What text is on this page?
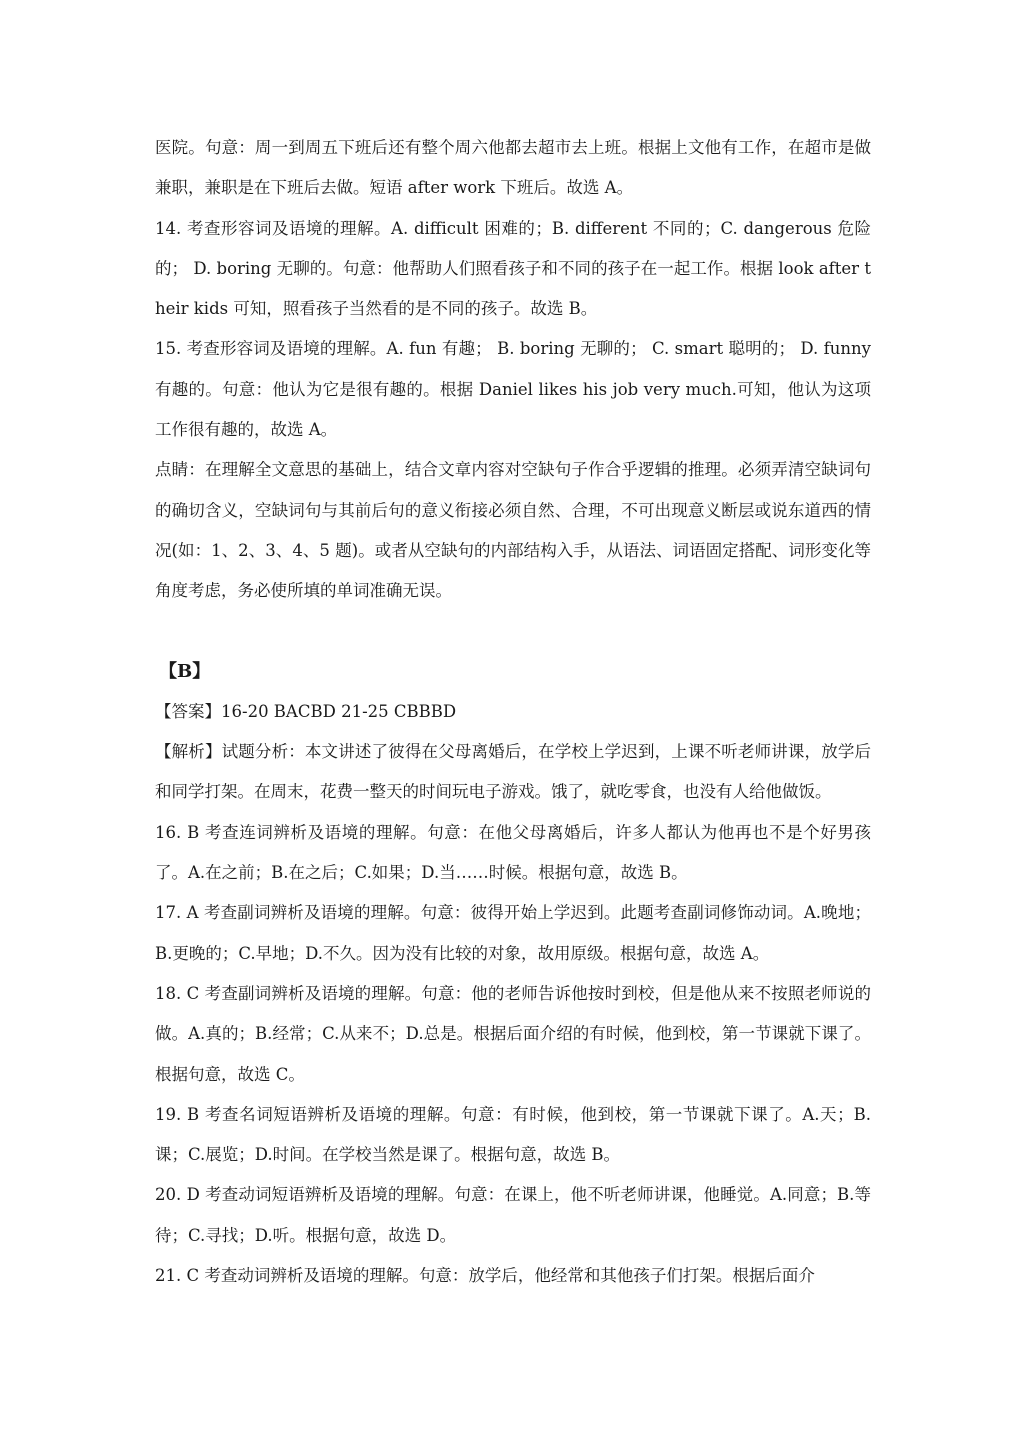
医院。句意：周一到周五下班后还有整个周六他都去超市去上班。根据上文他有工作，在超市是做兼职，兼职是在下班后去做。短语 after work 下班后。故选 A。

14. 考查形容词及语境的理解。A. difficult 困难的；B. different 不同的；C. dangerous 危险的； D. boring 无聊的。句意：他帮助人们照看孩子和不同的孩子在一起工作。根据 look after their kids 可知，照看孩子当然看的是不同的孩子。故选 B。

15. 考查形容词及语境的理解。A. fun 有趣； B. boring 无聊的； C. smart 聪明的； D. funny 有趣的。句意：他认为它是很有趣的。根据 Daniel likes his job very much.可知，他认为这项工作很有趣的，故选 A。

点睛：在理解全文意思的基础上，结合文章内容对空缺句子作合乎逻辑的推理。必须弄清空缺词句的确切含义，空缺词句与其前后句的意义衔接必须自然、合理，不可出现意义断层或说东道西的情况(如：1、2、3、4、5 题)。或者从空缺句的内部结构入手，从语法、词语固定搭配、词形变化等角度考虑，务必使所填的单词准确无误。

【B】

【答案】16-20 BACBD 21-25 CBBBD

【解析】试题分析：本文讲述了彼得在父母离婚后，在学校上学迟到，上课不听老师讲课，放学后和同学打架。在周末，花费一整天的时间玩电子游戏。饿了，就吃零食，也没有人给他做饭。

16. B 考查连词辨析及语境的理解。句意：在他父母离婚后，许多人都认为他再也不是个好男孩了。A.在之前；B.在之后；C.如果；D.当……时候。根据句意，故选 B。

17. A 考查副词辨析及语境的理解。句意：彼得开始上学迟到。此题考查副词修饰动词。A.晚地；B.更晚的；C.早地；D.不久。因为没有比较的对象，故用原级。根据句意，故选 A。

18. C 考查副词辨析及语境的理解。句意：他的老师告诉他按时到校，但是他从来不按照老师说的做。A.真的；B.经常；C.从来不；D.总是。根据后面介绍的有时候，他到校，第一节课就下课了。根据句意，故选 C。

19. B 考查名词短语辨析及语境的理解。句意：有时候，他到校，第一节课就下课了。A.天；B.课；C.展览；D.时间。在学校当然是课了。根据句意，故选 B。

20. D 考查动词短语辨析及语境的理解。句意：在课上，他不听老师讲课，他睡觉。A.同意；B.等待；C.寻找；D.听。根据句意，故选 D。

21. C 考查动词辨析及语境的理解。句意：放学后，他经常和其他孩子们打架。根据后面介
